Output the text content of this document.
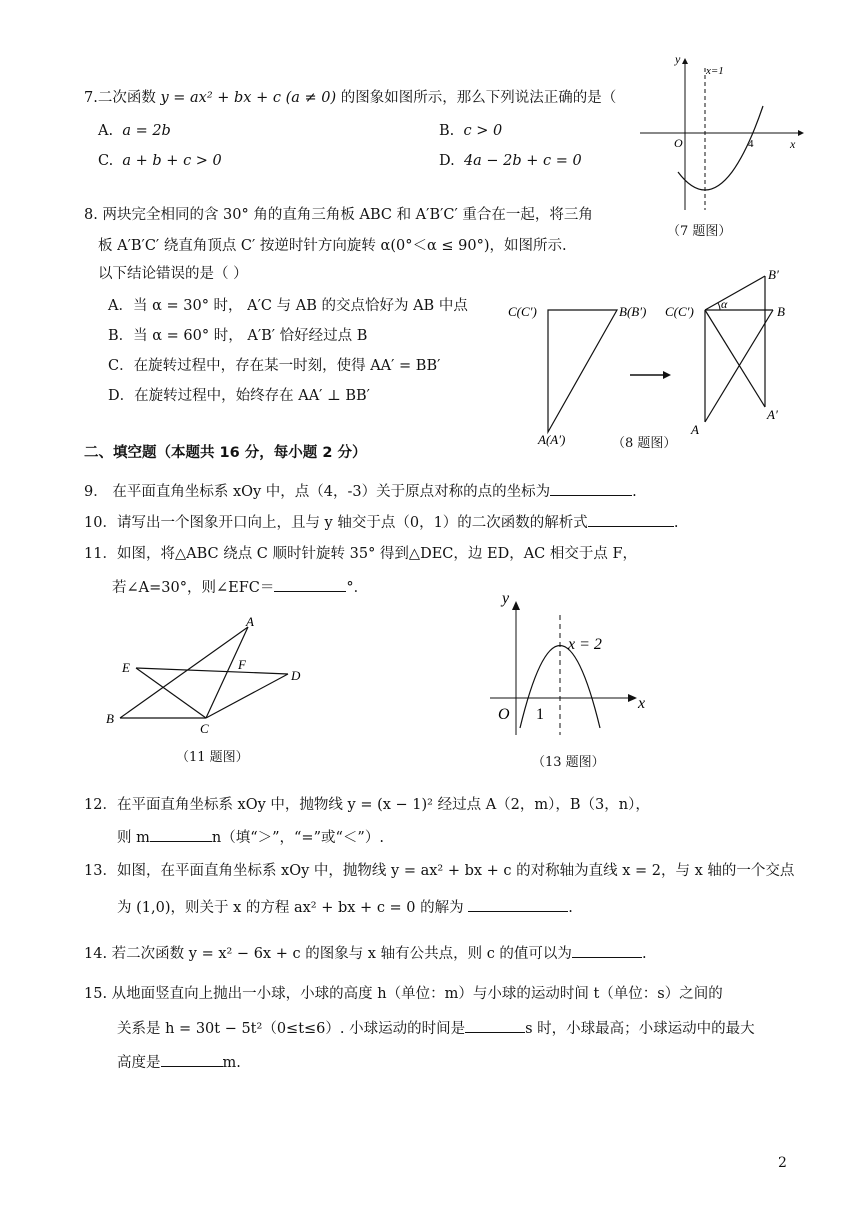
7.二次函数 y = ax² + bx + c (a ≠ 0) 的图象如图所示，那么下列说法正确的是（
A. a = 2b	B. c > 0
C. a + b + c > 0	D. 4a − 2b + c = 0
y
x
O
x=1
4
（7 题图）
8. 两块完全相同的含 30° 角的直角三角板 ABC 和 A′B′C′ 重合在一起，将三角
板 A′B′C′ 绕直角顶点 C′ 按逆时针方向旋转 α(0°＜α ≤ 90°)，如图所示.
以下结论错误的是（ ）
A．当 α = 30° 时， A′C 与 AB 的交点恰好为 AB 中点
B．当 α = 60° 时， A′B′ 恰好经过点 B
C．在旋转过程中，存在某一时刻，使得 AA′ = BB′
D．在旋转过程中，始终存在 AA′ ⊥ BB′
C(C′)	B(B′)
A(A′)
α
C(C′)	B
B′
A′
A
（8 题图）
二、填空题（本题共 16 分，每小题 2 分）
9． 在平面直角坐标系 xOy 中，点（4，-3）关于原点对称的点的坐标为	.
10．请写出一个图象开口向上，且与 y 轴交于点（0，1）的二次函数的解析式	.
11．如图，将△ABC 绕点 C 顺时针旋转 35° 得到△DEC，边 ED，AC 相交于点 F，
若∠A=30°，则∠EFC＝	°．
A
E	F
D
B
C
（11 题图）
y
x
O 1
x = 2
（13 题图）
12．在平面直角坐标系 xOy 中，抛物线 y = (x − 1)² 经过点 A（2，m），B（3，n），
则 m	n（填“＞”，“=”或“＜”）.
13．如图，在平面直角坐标系 xOy 中，抛物线 y = ax² + bx + c 的对称轴为直线 x = 2，与 x 轴的一个交点
为 (1,0)，则关于 x 的方程 ax² + bx + c = 0 的解为	.
14. 若二次函数 y = x² − 6x + c 的图象与 x 轴有公共点，则 c 的值可以为	.
15. 从地面竖直向上抛出一小球，小球的高度 h（单位：m）与小球的运动时间 t（单位：s）之间的
关系是 h = 30t − 5t²（0≤t≤6）. 小球运动的时间是	s 时，小球最高；小球运动中的最大
高度是	m.
2
